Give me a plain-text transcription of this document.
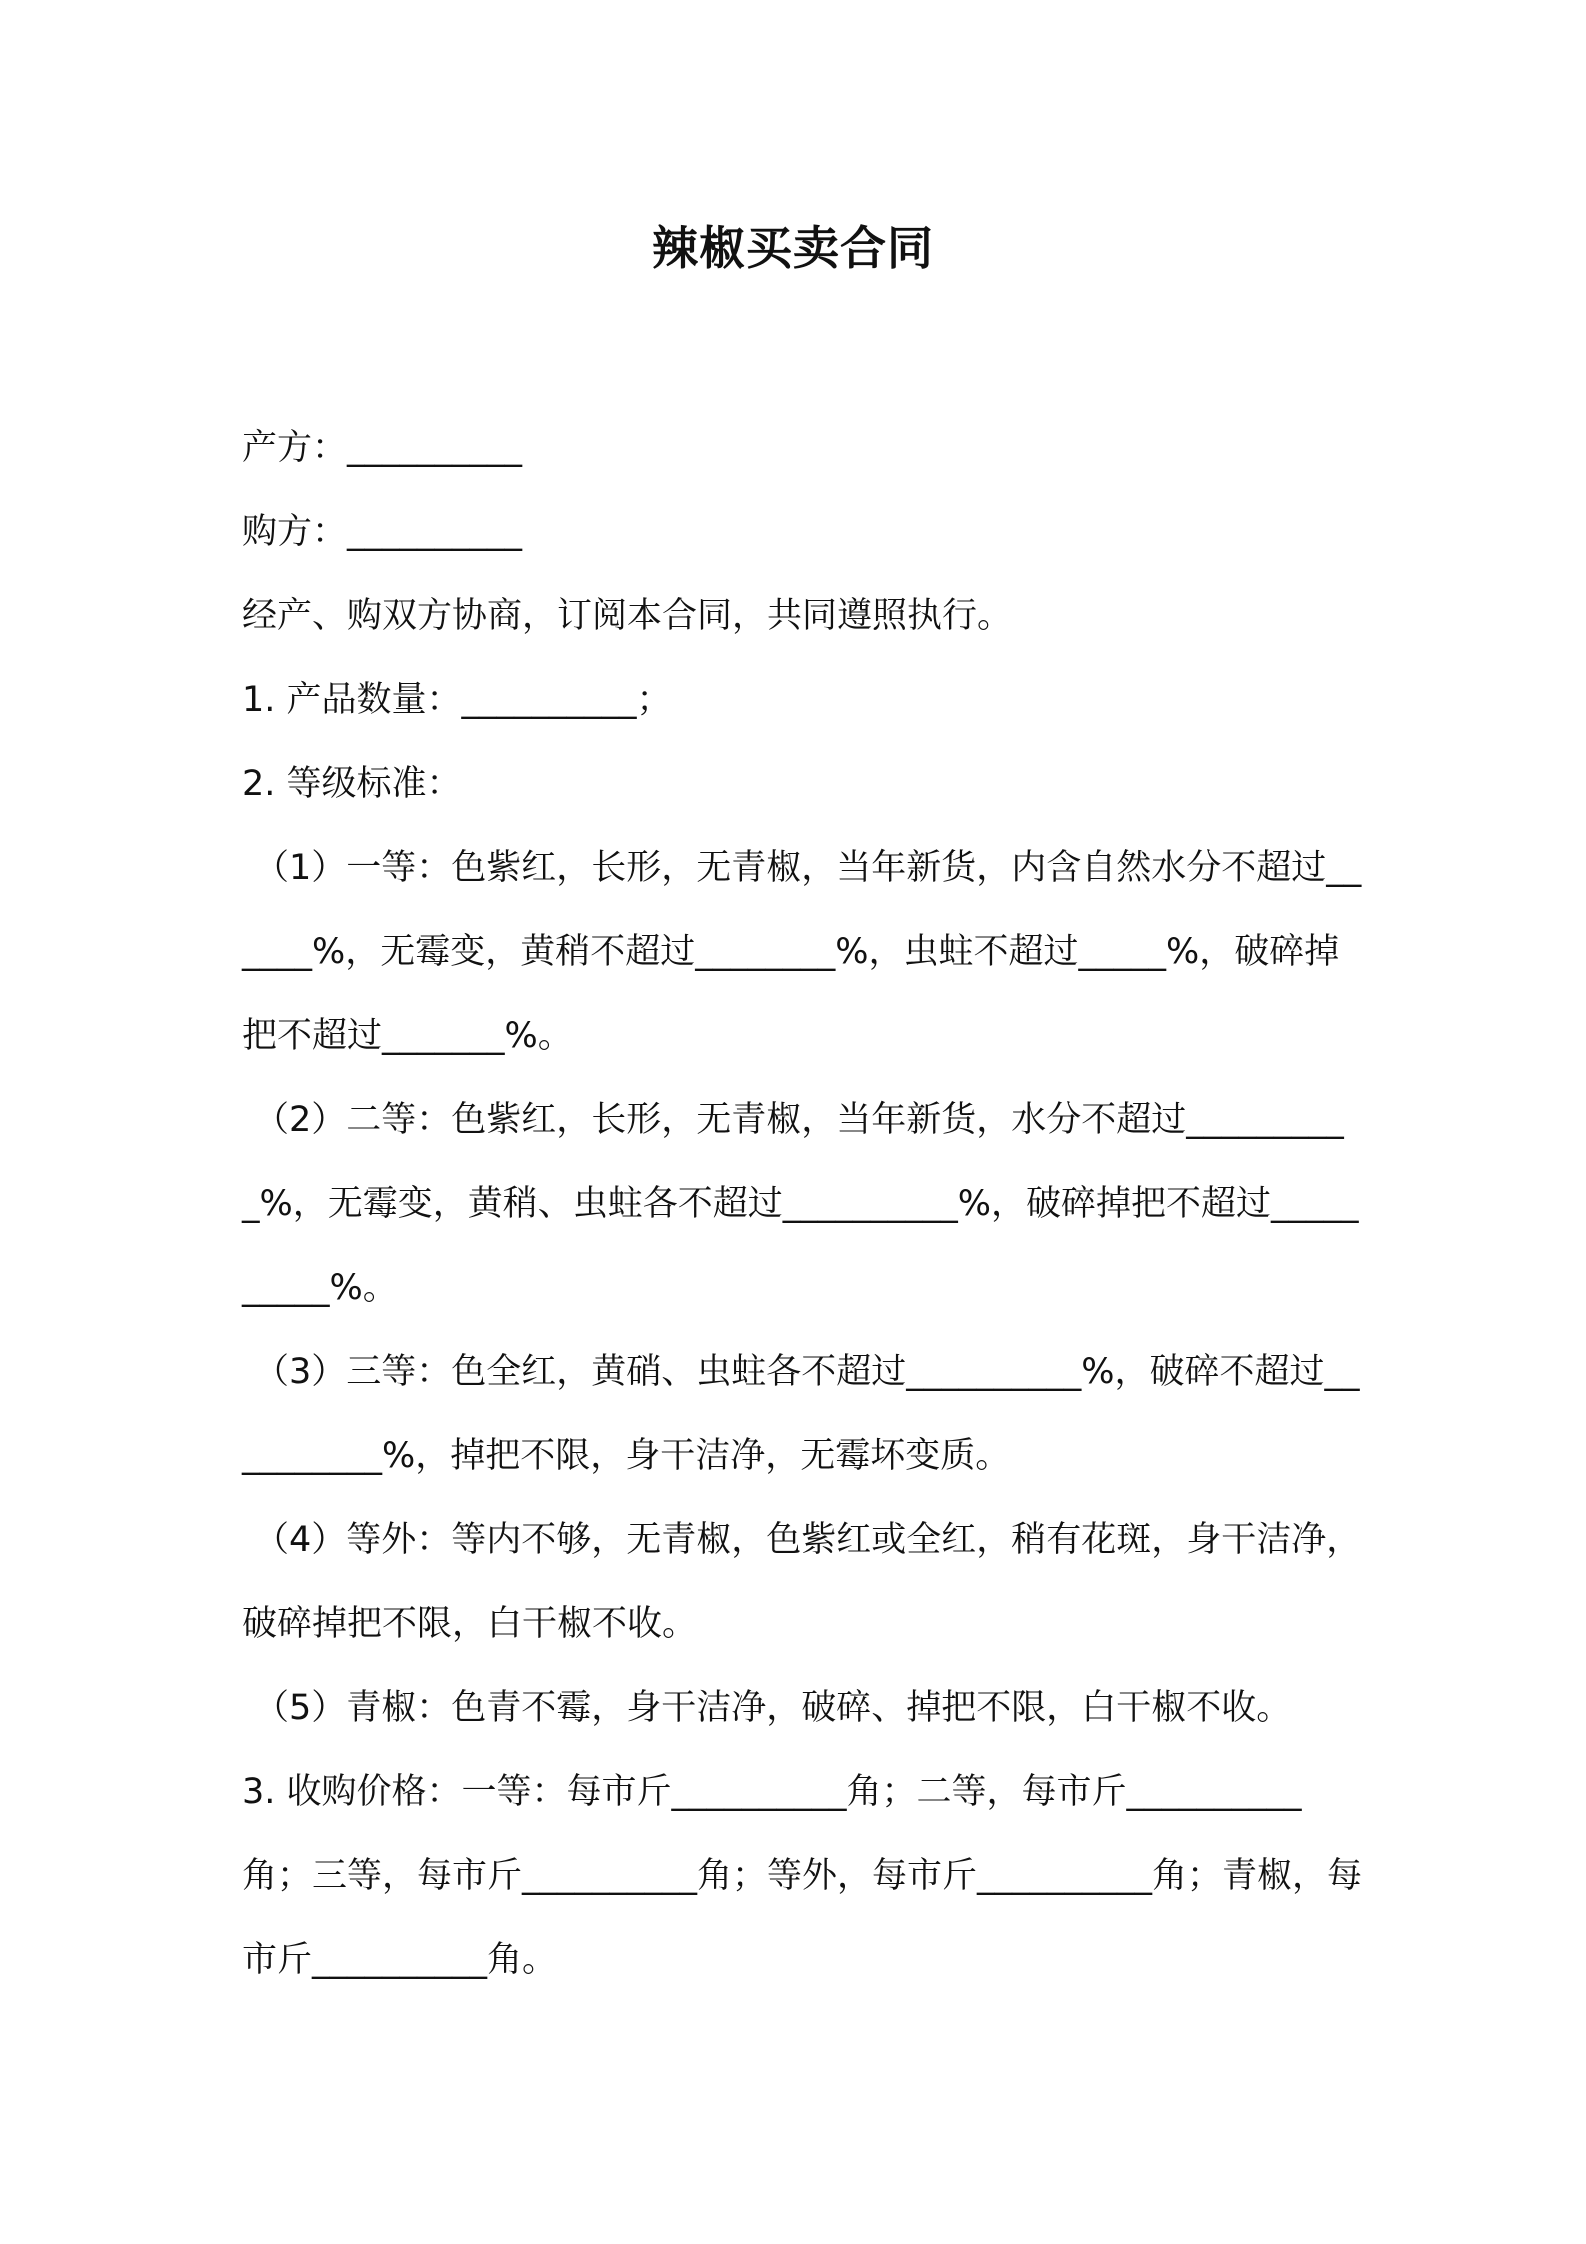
辣椒买卖合同

产方：__________

购方：__________

经产、购双方协商，订阅本合同，共同遵照执行。

1. 产品数量：__________；

2. 等级标准：

（1）一等：色紫红，长形，无青椒，当年新货，内含自然水分不超过______%，无霉变，黄稍不超过________%，虫蛀不超过_____%，破碎掉把不超过_______%。

（2）二等：色紫红，长形，无青椒，当年新货，水分不超过__________%，无霉变，黄稍、虫蛀各不超过__________%，破碎掉把不超过__________%。

（3）三等：色全红，黄硝、虫蛀各不超过__________%，破碎不超过__________%，掉把不限，身干洁净，无霉坏变质。

（4）等外：等内不够，无青椒，色紫红或全红，稍有花斑，身干洁净，破碎掉把不限，白干椒不收。

（5）青椒：色青不霉，身干洁净，破碎、掉把不限，白干椒不收。

3. 收购价格：一等：每市斤__________角；二等，每市斤__________角；三等，每市斤__________角；等外，每市斤__________角；青椒，每市斤__________角。
